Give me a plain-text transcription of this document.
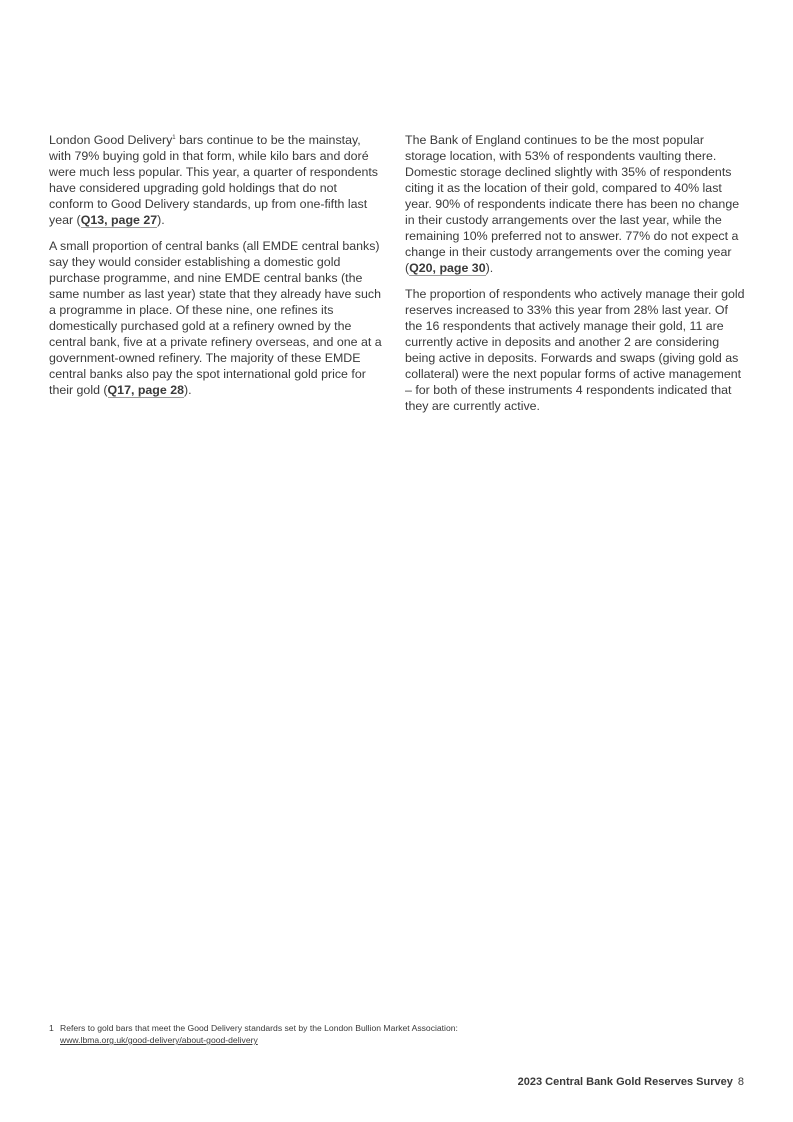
London Good Delivery$^1$ bars continue to be the mainstay, with 79% buying gold in that form, while kilo bars and doré were much less popular. This year, a quarter of respondents have considered upgrading gold holdings that do not conform to Good Delivery standards, up from one-fifth last year (Q13, page 27).

A small proportion of central banks (all EMDE central banks) say they would consider establishing a domestic gold purchase programme, and nine EMDE central banks (the same number as last year) state that they already have such a programme in place. Of these nine, one refines its domestically purchased gold at a refinery owned by the central bank, five at a private refinery overseas, and one at a government-owned refinery. The majority of these EMDE central banks also pay the spot international gold price for their gold (Q17, page 28).

The Bank of England continues to be the most popular storage location, with 53% of respondents vaulting there. Domestic storage declined slightly with 35% of respondents citing it as the location of their gold, compared to 40% last year. 90% of respondents indicate there has been no change in their custody arrangements over the last year, while the remaining 10% preferred not to answer. 77% do not expect a change in their custody arrangements over the coming year (Q20, page 30).

The proportion of respondents who actively manage their gold reserves increased to 33% this year from 28% last year. Of the 16 respondents that actively manage their gold, 11 are currently active in deposits and another 2 are considering being active in deposits. Forwards and swaps (giving gold as collateral) were the next popular forms of active management – for both of these instruments 4 respondents indicated that they are currently active.

1 Refers to gold bars that meet the Good Delivery standards set by the London Bullion Market Association:
www.lbma.org.uk/good-delivery/about-good-delivery
2023 Central Bank Gold Reserves Survey 8
